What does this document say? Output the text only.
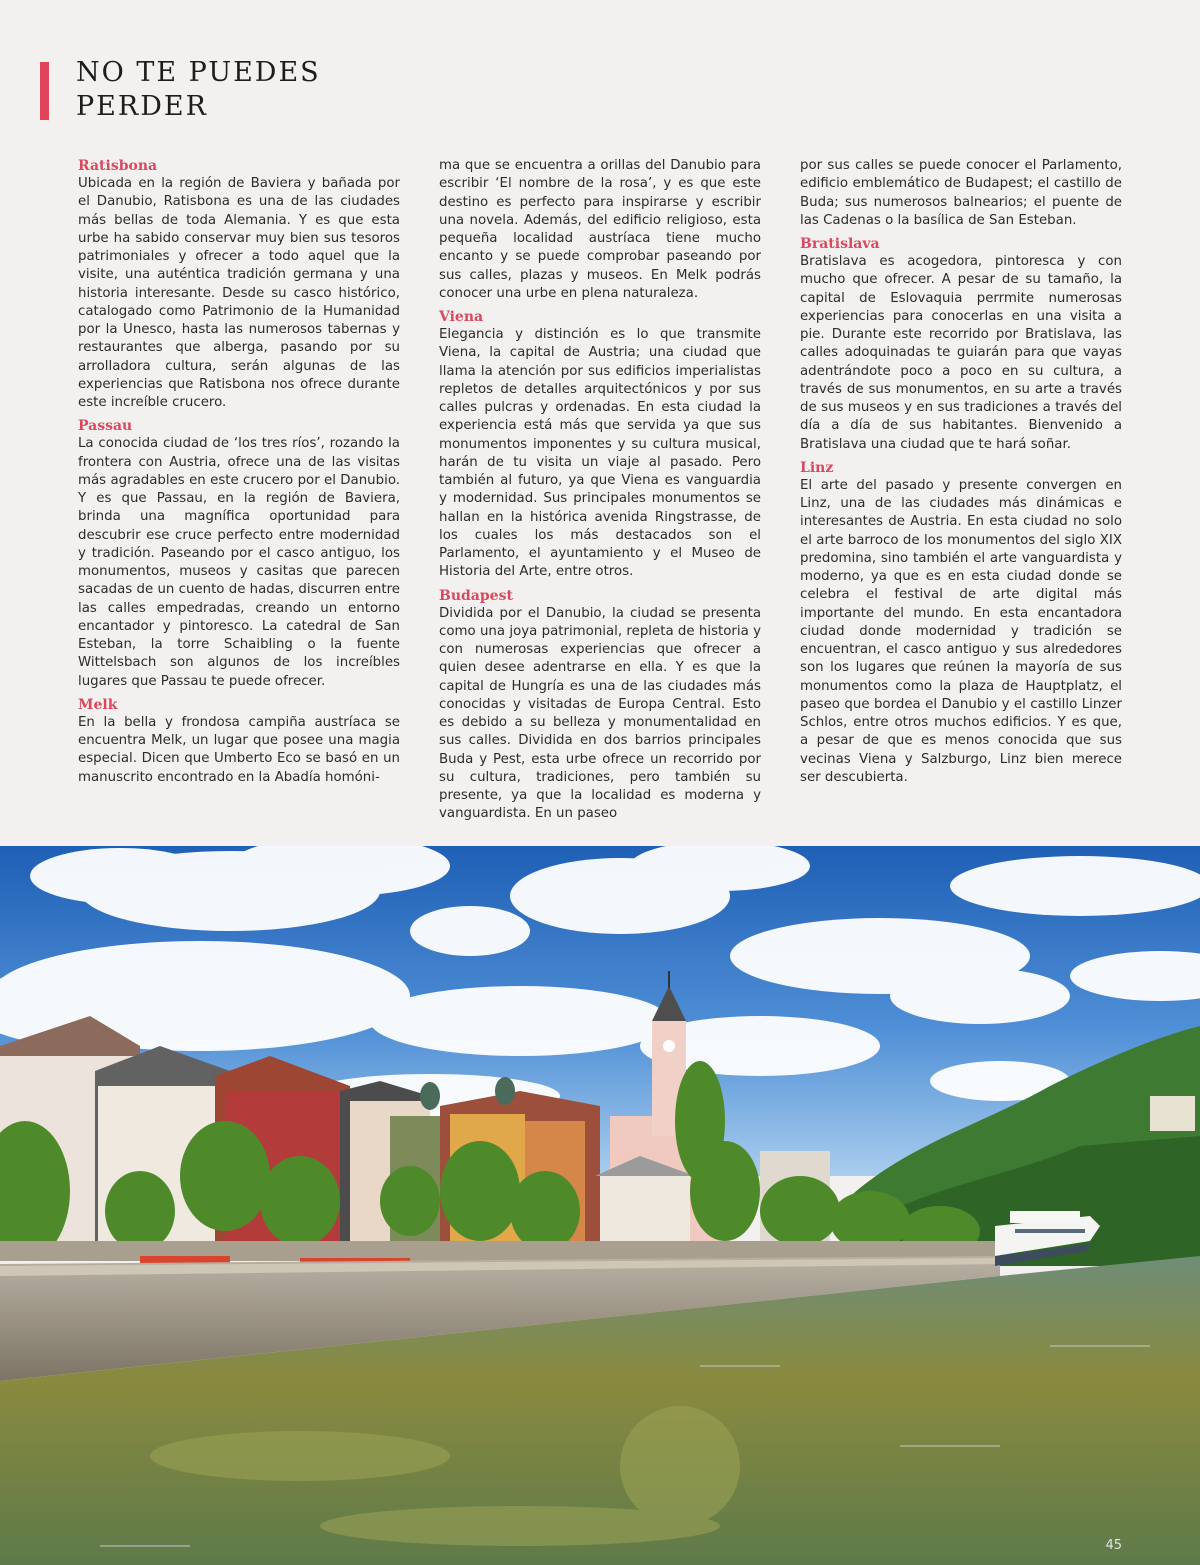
NO TE PUEDES
PERDER
Ratisbona

Ubicada en la región de Baviera y bañada por el Danubio, Ratisbona es una de las ciudades más bellas de toda Alemania. Y es que esta urbe ha sabido conservar muy bien sus tesoros patrimoniales y ofrecer a todo aquel que la visite, una auténtica tradición germana y una historia interesante. Desde su casco histórico, catalogado como Patrimonio de la Humanidad por la Unesco, hasta las numerosos tabernas y restaurantes que alberga, pasando por su arrolladora cultura, serán algunas de las experiencias que Ratisbona nos ofrece durante este increíble crucero.

Passau

La conocida ciudad de ‘los tres ríos’, rozando la frontera con Austria, ofrece una de las visitas más agradables en este crucero por el Danubio. Y es que Passau, en la región de Baviera, brinda una magnífica oportunidad para descubrir ese cruce perfecto entre modernidad y tradición. Paseando por el casco antiguo, los monumentos, museos y casitas que parecen sacadas de un cuento de hadas, discurren entre las calles empedradas, creando un entorno encantador y pintoresco. La catedral de San Esteban, la torre Schaibling o la fuente Wittelsbach son algunos de los increíbles lugares que Passau te puede ofrecer.

Melk

En la bella y frondosa campiña austríaca se encuentra Melk, un lugar que posee una magia especial. Dicen que Umberto Eco se basó en un manuscrito encontrado en la Abadía homóni-

ma que se encuentra a orillas del Danubio para escribir ‘El nombre de la rosa’, y es que este destino es perfecto para inspirarse y escribir una novela. Además, del edificio religioso, esta pequeña localidad austríaca tiene mucho encanto y se puede comprobar paseando por sus calles, plazas y museos. En Melk podrás conocer una urbe en plena naturaleza.

Viena

Elegancia y distinción es lo que transmite Viena, la capital de Austria; una ciudad que llama la atención por sus edificios imperialistas repletos de detalles arquitectónicos y por sus calles pulcras y ordenadas. En esta ciudad la experiencia está más que servida ya que sus monumentos imponentes y su cultura musical, harán de tu visita un viaje al pasado. Pero también al futuro, ya que Viena es vanguardia y modernidad. Sus principales monumentos se hallan en la histórica avenida Ringstrasse, de los cuales los más destacados son el Parlamento, el ayuntamiento y el Museo de Historia del Arte, entre otros.

Budapest

Dividida por el Danubio, la ciudad se presenta como una joya patrimonial, repleta de historia y con numerosas experiencias que ofrecer a quien desee adentrarse en ella. Y es que la capital de Hungría es una de las ciudades más conocidas y visitadas de Europa Central. Esto es debido a su belleza y monumentalidad en sus calles. Dividida en dos barrios principales Buda y Pest, esta urbe ofrece un recorrido por su cultura, tradiciones, pero también su presente, ya que la localidad es moderna y vanguardista. En un paseo

por sus calles se puede conocer el Parlamento, edificio emblemático de Budapest; el castillo de Buda; sus numerosos balnearios; el puente de las Cadenas o la basílica de San Esteban.

Bratislava

Bratislava es acogedora, pintoresca y con mucho que ofrecer. A pesar de su tamaño, la capital de Eslovaquia perrmite numerosas experiencias para conocerlas en una visita a pie. Durante este recorrido por Bratislava, las calles adoquinadas te guiarán para que vayas adentrándote poco a poco en su cultura, a través de sus monumentos, en su arte a través de sus museos y en sus tradiciones a través del día a día de sus habitantes. Bienvenido a Bratislava una ciudad que te hará soñar.

Linz

El arte del pasado y presente convergen en Linz, una de las ciudades más dinámicas e interesantes de Austria. En esta ciudad no solo el arte barroco de los monumentos del siglo XIX predomina, sino también el arte vanguardista y moderno, ya que es en esta ciudad donde se celebra el festival de arte digital más importante del mundo. En esta encantadora ciudad donde modernidad y tradición se encuentran, el casco antiguo y sus alrededores son los lugares que reúnen la mayoría de sus monumentos como la plaza de Hauptplatz, el paseo que bordea el Danubio y el castillo Linzer Schlos, entre otros muchos edificios. Y es que, a pesar de que es menos conocida que sus vecinas Viena y Salzburgo, Linz bien merece ser descubierta.

45
